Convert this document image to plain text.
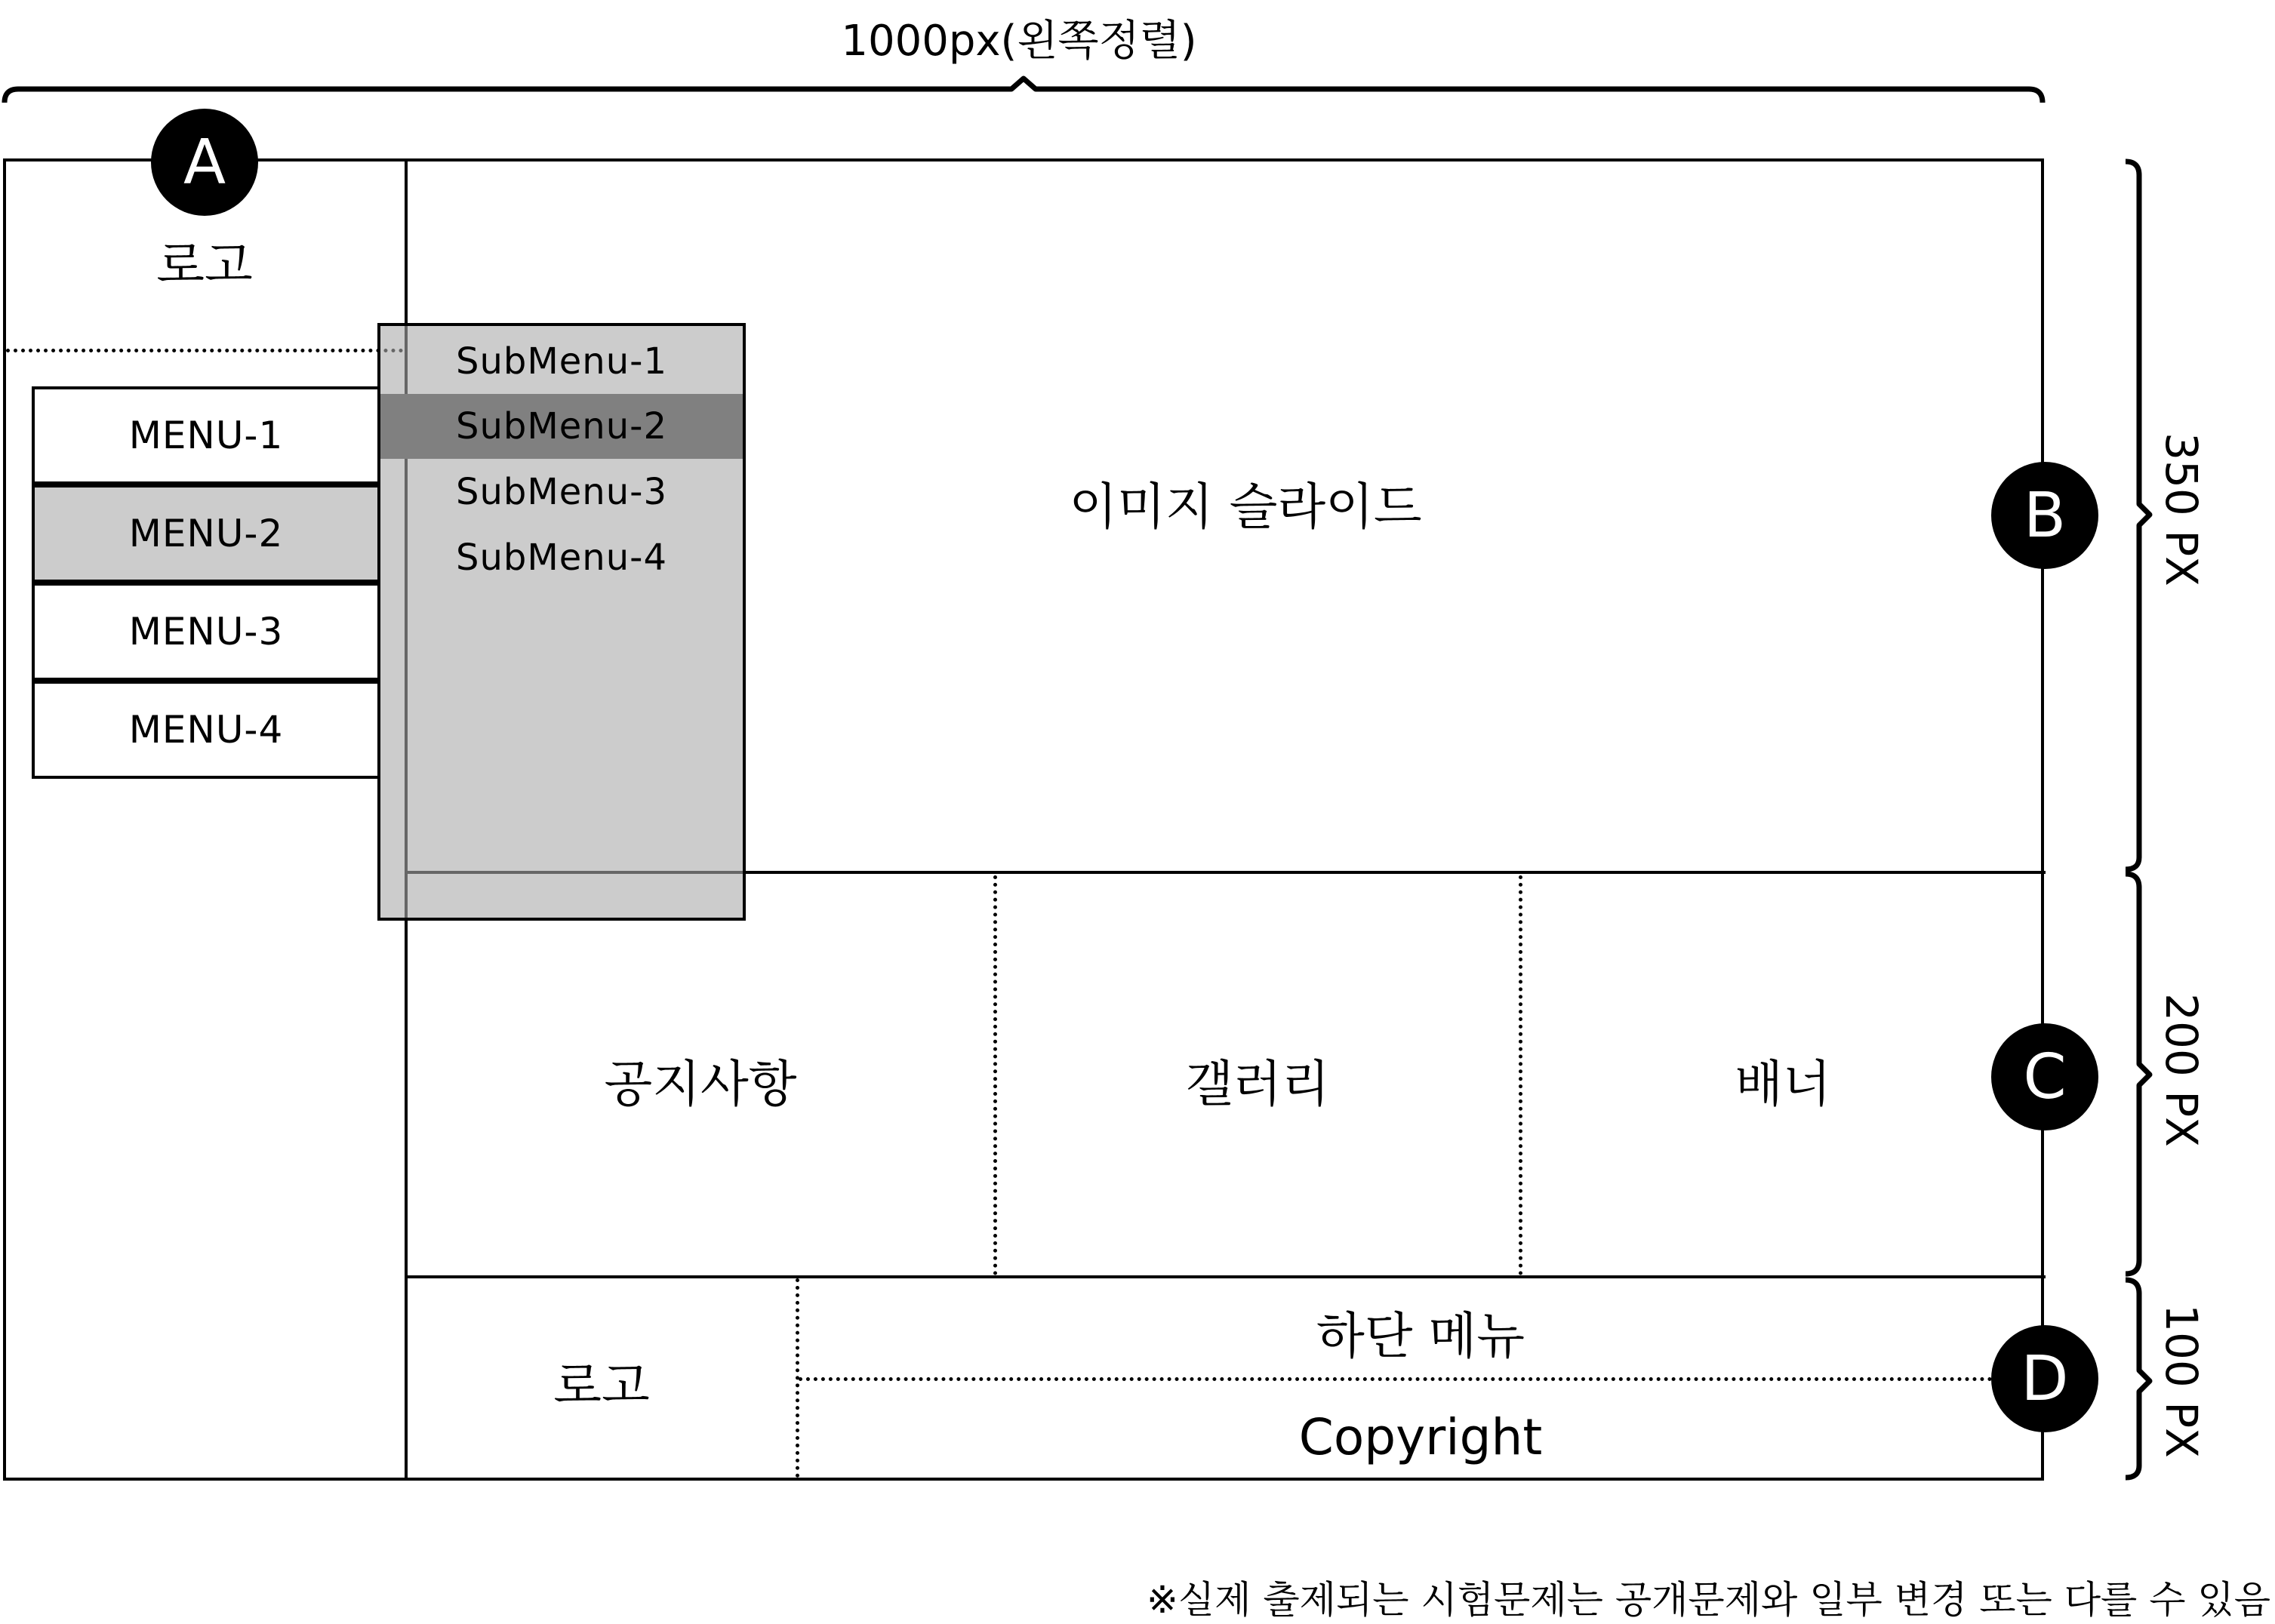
1000px(왼쪽정렬)
로고
MENU-1
MENU-2
MENU-3
MENU-4
이미지 슬라이드
공지사항	갤러리	배너
로고
하단 메뉴
Copyright
SubMenu-1
SubMenu-2
SubMenu-3
SubMenu-4
A
B
C
D
350 PX
200 PX
100 PX
※실제 출제되는 시험문제는 공개문제와 일부 변경 또는 다를 수 있음
